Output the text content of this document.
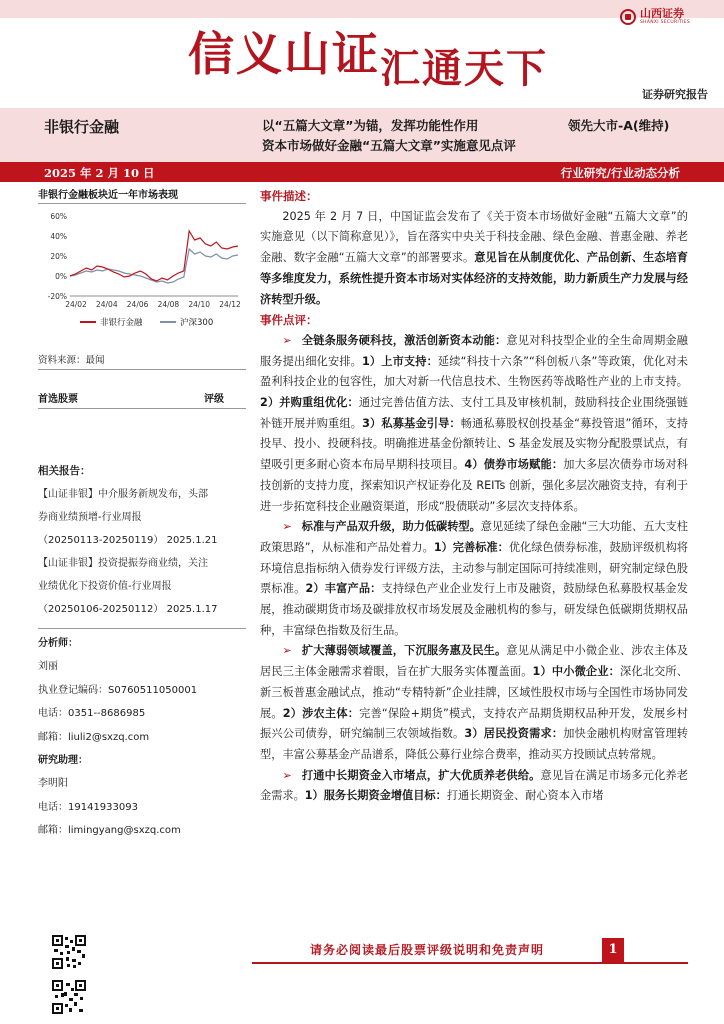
信义山证汇通天下
山西证券
SHANXI SECURITIES
证券研究报告
非银行金融	以“五篇大文章”为锚，发挥功能性作用
资本市场做好金融“五篇大文章”实施意见点评
领先大市-A(维持)
2025 年 2 月 10 日	行业研究/行业动态分析
非银行金融板块近一年市场表现
60%
40%
20%
0%
-20%
24/02 24/04 24/06 24/08 24/10 24/12
非银行金融	沪深300
资料来源：最闻
首选股票	评级
相关报告：
【山证非银】中介服务新规发布，头部
券商业绩预增-行业周报
（20250113-20250119） 2025.1.21
【山证非银】投资提振券商业绩，关注
业绩优化下投资价值-行业周报
（20250106-20250112） 2025.1.17
分析师：
刘丽
执业登记编码：S0760511050001
电话：0351--8686985
邮箱：liuli2@sxzq.com
研究助理：
李明阳
电话：19141933093
邮箱：limingyang@sxzq.com
事件描述：

2025 年 2 月 7 日，中国证监会发布了《关于资本市场做好金融“五篇大文章”的实施意见（以下简称意见）》，旨在落实中央关于科技金融、绿色金融、普惠金融、养老金融、数字金融“五篇大文章”的部署要求。意见旨在从制度优化、产品创新、生态培育等多维度发力，系统性提升资本市场对实体经济的支持效能，助力新质生产力发展与经济转型升级。

事件点评：

➢ 全链条服务硬科技，激活创新资本动能：意见对科技型企业的全生命周期金融服务提出细化安排。1）上市支持：延续“科技十六条”“科创板八条”等政策，优化对未盈利科技企业的包容性，加大对新一代信息技术、生物医药等战略性产业的上市支持。2）并购重组优化：通过完善估值方法、支付工具及审核机制，鼓励科技企业围绕强链补链开展并购重组。3）私募基金引导：畅通私募股权创投基金“募投管退”循环，支持投早、投小、投硬科技。明确推进基金份额转让、S 基金发展及实物分配股票试点，有望吸引更多耐心资本布局早期科技项目。4）债券市场赋能：加大多层次债券市场对科技创新的支持力度，探索知识产权证券化及 REITs 创新，强化多层次融资支持，有利于进一步拓宽科技企业融资渠道，形成“股债联动”多层次支持体系。

➢ 标准与产品双升级，助力低碳转型。意见延续了绿色金融“三大功能、五大支柱政策思路”，从标准和产品处着力。1）完善标准：优化绿色债券标准，鼓励评级机构将环境信息指标纳入债券发行评级方法，主动参与制定国际可持续准则，研究制定绿色股票标准。2）丰富产品：支持绿色产业企业发行上市及融资，鼓励绿色私募股权基金发展，推动碳期货市场及碳排放权市场发展及金融机构的参与，研发绿色低碳期货期权品种，丰富绿色指数及衍生品。

➢ 扩大薄弱领域覆盖，下沉服务惠及民生。意见从满足中小微企业、涉农主体及居民三主体金融需求着眼，旨在扩大服务实体覆盖面。1）中小微企业：深化北交所、新三板普惠金融试点，推动“专精特新”企业挂牌，区域性股权市场与全国性市场协同发展。2）涉农主体：完善“保险+期货”模式，支持农产品期货期权品种开发，发展乡村振兴公司债券，研究编制三农领域指数。3）居民投资需求：加快金融机构财富管理转型，丰富公募基金产品谱系，降低公募行业综合费率，推动买方投顾试点转常规。

➢ 打通中长期资金入市堵点，扩大优质养老供给。意见旨在满足市场多元化养老金需求。1）服务长期资金增值目标：打通长期资金、耐心资本入市堵

请务必阅读最后股票评级说明和免责声明	1
